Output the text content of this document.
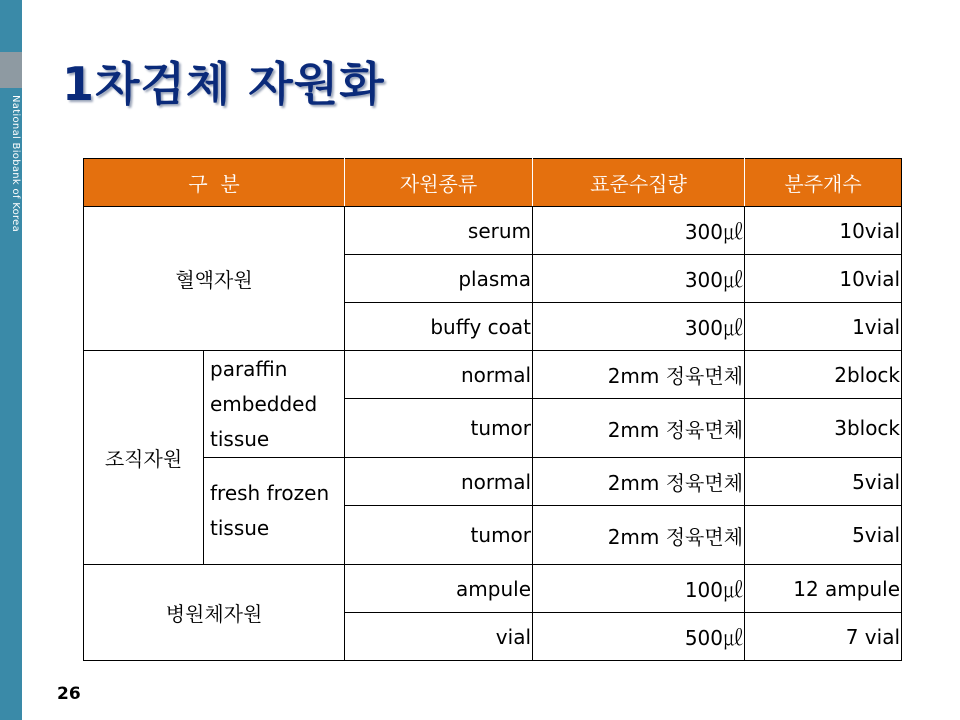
National Biobank of Korea
1차검체 자원화
구  분		자원종류	표준수집량	분주개수
혈액자원		serum	300㎕	10vial
		plasma	300㎕	10vial
		buffy coat	300㎕	1vial
조직자원	paraffin embedded tissue	normal	2mm 정육면체	2block
		tumor	2mm 정육면체	3block
	fresh frozen tissue	normal	2mm 정육면체	5vial
		tumor	2mm 정육면체	5vial
병원체자원		ampule	100㎕	12 ampule
		vial	500㎕	7 vial
26
